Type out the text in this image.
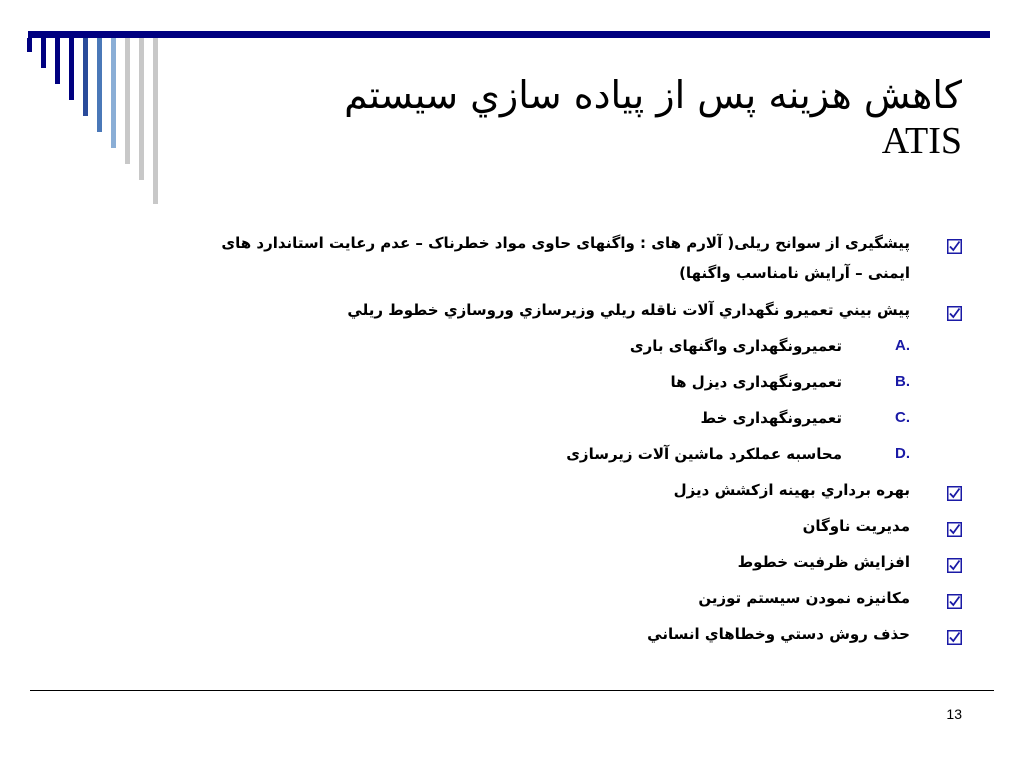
كاهش هزينه پس از پياده سازي سيستم
ATIS
پیشگیری از سوانح ریلی( آلارم های : واگنهای حاوی مواد خطرناک – عدم رعایت استاندارد های ایمنی – آرایش نامناسب واگنها)
پيش بيني تعميرو نگهداري آلات ناقله ريلي وزيرسازي وروسازي خطوط ريلي
A.
تعمیرونگهداری واگنهای باری
B.
تعمیرونگهداری دیزل ها
C.
تعمیرونگهداری خط
D.
محاسبه عملکرد ماشین آلات زیرسازی
بهره برداري بهينه ازكشش ديزل
مديريت ناوگان
افزايش ظرفيت خطوط
مكانيزه نمودن سيستم توزين
حذف روش دستي وخطاهاي انساني
13
